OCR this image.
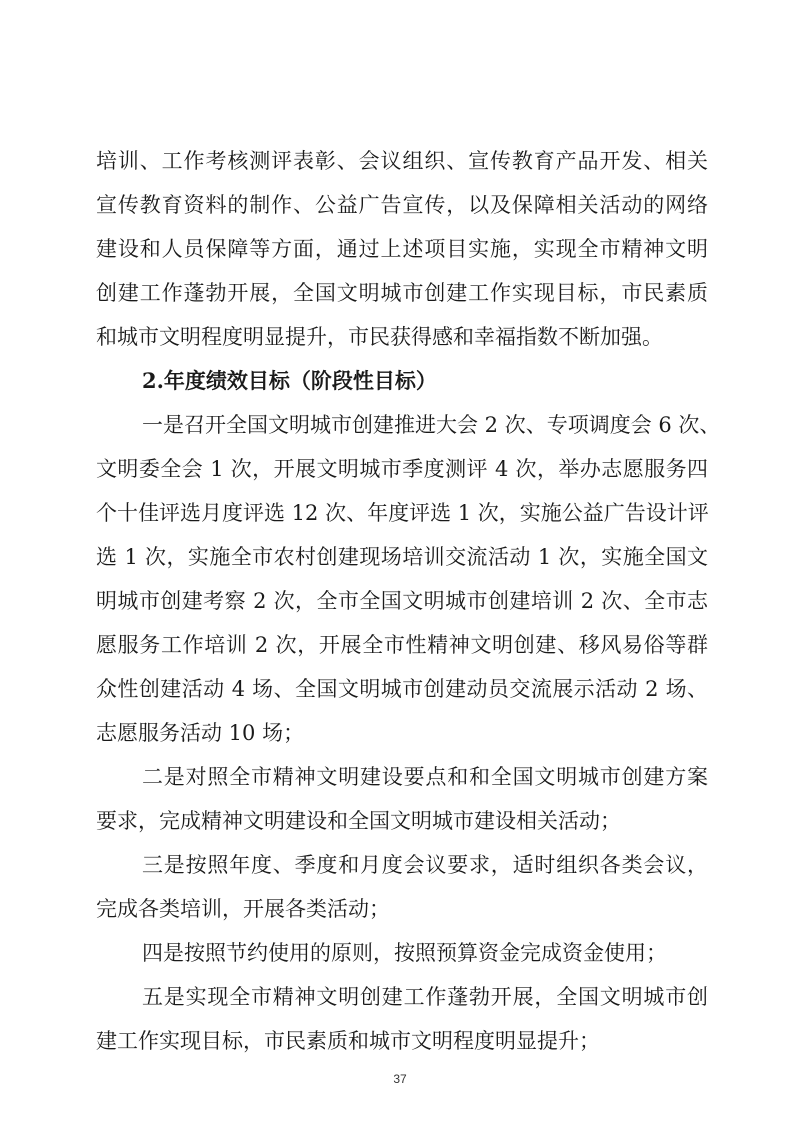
培训、工作考核测评表彰、会议组织、宣传教育产品开发、相关
宣传教育资料的制作、公益广告宣传，以及保障相关活动的网络
建设和人员保障等方面，通过上述项目实施，实现全市精神文明
创建工作蓬勃开展，全国文明城市创建工作实现目标，市民素质
和城市文明程度明显提升，市民获得感和幸福指数不断加强。
2.年度绩效目标（阶段性目标）
一是召开全国文明城市创建推进大会 2 次、专项调度会 6 次、
文明委全会 1 次，开展文明城市季度测评 4 次，举办志愿服务四
个十佳评选月度评选 12 次、年度评选 1 次，实施公益广告设计评
选 1 次，实施全市农村创建现场培训交流活动 1 次，实施全国文
明城市创建考察 2 次，全市全国文明城市创建培训 2 次、全市志
愿服务工作培训 2 次，开展全市性精神文明创建、移风易俗等群
众性创建活动 4 场、全国文明城市创建动员交流展示活动 2 场、
志愿服务活动 10 场；
二是对照全市精神文明建设要点和和全国文明城市创建方案
要求，完成精神文明建设和全国文明城市建设相关活动；
三是按照年度、季度和月度会议要求，适时组织各类会议，
完成各类培训，开展各类活动；
四是按照节约使用的原则，按照预算资金完成资金使用；
五是实现全市精神文明创建工作蓬勃开展，全国文明城市创
建工作实现目标，市民素质和城市文明程度明显提升；
37
